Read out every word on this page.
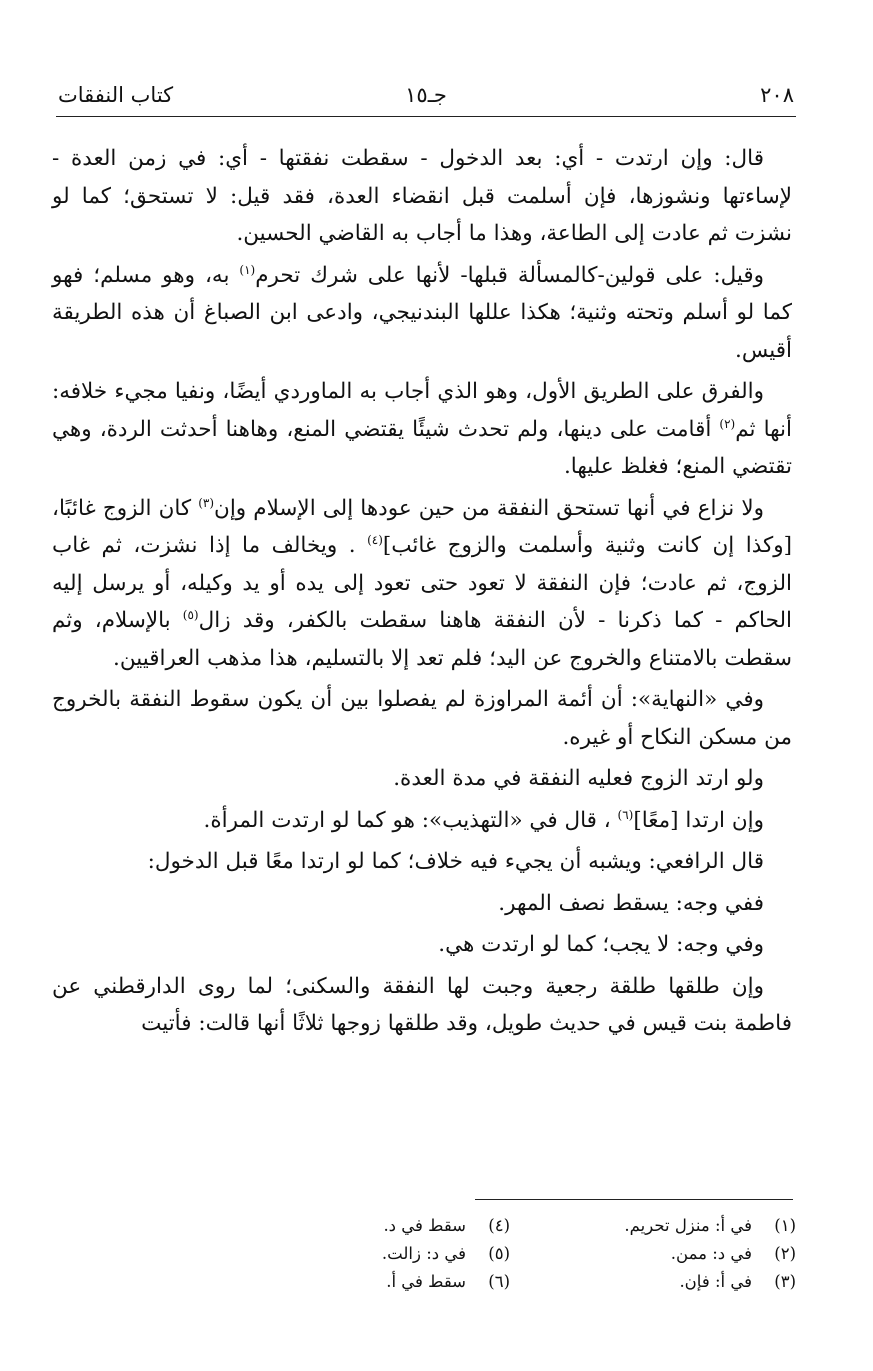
٢٠٨
جـ١٥
كتاب النفقات

قال: وإن ارتدت - أي: بعد الدخول - سقطت نفقتها - أي: في زمن العدة - لإساءتها ونشوزها، فإن أسلمت قبل انقضاء العدة، فقد قيل: لا تستحق؛ كما لو نشزت ثم عادت إلى الطاعة، وهذا ما أجاب به القاضي الحسين.

وقيل: على قولين-كالمسألة قبلها- لأنها على شرك تحرم$^{(١)}$ به، وهو مسلم؛ فهو كما لو أسلم وتحته وثنية؛ هكذا عللها البندنيجي، وادعى ابن الصباغ أن هذه الطريقة أقيس.

والفرق على الطريق الأول، وهو الذي أجاب به الماوردي أيضًا، ونفيا مجيء خلافه: أنها ثم$^{(٢)}$ أقامت على دينها، ولم تحدث شيئًا يقتضي المنع، وهاهنا أحدثت الردة، وهي تقتضي المنع؛ فغلظ عليها.

ولا نزاع في أنها تستحق النفقة من حين عودها إلى الإسلام وإن$^{(٣)}$ كان الزوج غائبًا، [وكذا إن كانت وثنية وأسلمت والزوج غائب]$^{(٤)}$ . ويخالف ما إذا نشزت، ثم غاب الزوج، ثم عادت؛ فإن النفقة لا تعود حتى تعود إلى يده أو يد وكيله، أو يرسل إليه الحاكم - كما ذكرنا - لأن النفقة هاهنا سقطت بالكفر، وقد زال$^{(٥)}$ بالإسلام، وثم سقطت بالامتناع والخروج عن اليد؛ فلم تعد إلا بالتسليم، هذا مذهب العراقيين.

وفي «النهاية»: أن أئمة المراوزة لم يفصلوا بين أن يكون سقوط النفقة بالخروج من مسكن النكاح أو غيره.

ولو ارتد الزوج فعليه النفقة في مدة العدة.

وإن ارتدا [معًا]$^{(٦)}$ ، قال في «التهذيب»: هو كما لو ارتدت المرأة.

قال الرافعي: ويشبه أن يجيء فيه خلاف؛ كما لو ارتدا معًا قبل الدخول:

ففي وجه: يسقط نصف المهر.

وفي وجه: لا يجب؛ كما لو ارتدت هي.

وإن طلقها طلقة رجعية وجبت لها النفقة والسكنى؛ لما روى الدارقطني عن فاطمة بنت قيس في حديث طويل، وقد طلقها زوجها ثلاثًا أنها قالت: فأتيت

(١)في أ: منزل تحريم.
(٢)في د: ممن.
(٣)في أ: فإن.
(٤)سقط في د.
(٥)في د: زالت.
(٦)سقط في أ.
